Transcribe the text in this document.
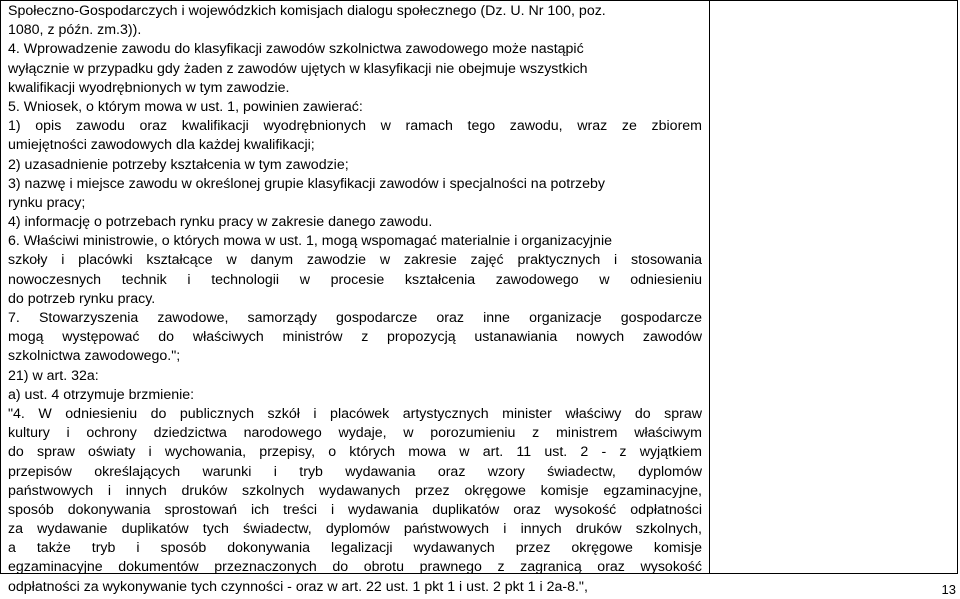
Społeczno-Gospodarczych i wojewódzkich komisjach dialogu społecznego (Dz. U. Nr 100, poz.
1080, z późn. zm.3)).
4. Wprowadzenie zawodu do klasyfikacji zawodów szkolnictwa zawodowego może nastąpić
wyłącznie w przypadku gdy żaden z zawodów ujętych w klasyfikacji nie obejmuje wszystkich
kwalifikacji wyodrębnionych w tym zawodzie.
5. Wniosek, o którym mowa w ust. 1, powinien zawierać:
1) opis zawodu oraz kwalifikacji wyodrębnionych w ramach tego zawodu, wraz ze zbiorem
umiejętności zawodowych dla każdej kwalifikacji;
2) uzasadnienie potrzeby kształcenia w tym zawodzie;
3) nazwę i miejsce zawodu w określonej grupie klasyfikacji zawodów i specjalności na potrzeby
rynku pracy;
4) informację o potrzebach rynku pracy w zakresie danego zawodu.
6. Właściwi ministrowie, o których mowa w ust. 1, mogą wspomagać materialnie i organizacyjnie
szkoły i placówki kształcące w danym zawodzie w zakresie zajęć praktycznych i stosowania
nowoczesnych technik i technologii w procesie kształcenia zawodowego w odniesieniu
do potrzeb rynku pracy.
7. Stowarzyszenia zawodowe, samorządy gospodarcze oraz inne organizacje gospodarcze
mogą występować do właściwych ministrów z propozycją ustanawiania nowych zawodów
szkolnictwa zawodowego.";
21) w art. 32a:
a) ust. 4 otrzymuje brzmienie:
"4. W odniesieniu do publicznych szkół i placówek artystycznych minister właściwy do spraw
kultury i ochrony dziedzictwa narodowego wydaje, w porozumieniu z ministrem właściwym
do spraw oświaty i wychowania, przepisy, o których mowa w art. 11 ust. 2 - z wyjątkiem
przepisów określających warunki i tryb wydawania oraz wzory świadectw, dyplomów
państwowych i innych druków szkolnych wydawanych przez okręgowe komisje egzaminacyjne,
sposób dokonywania sprostowań ich treści i wydawania duplikatów oraz wysokość odpłatności
za wydawanie duplikatów tych świadectw, dyplomów państwowych i innych druków szkolnych,
a także tryb i sposób dokonywania legalizacji wydawanych przez okręgowe komisje
egzaminacyjne dokumentów przeznaczonych do obrotu prawnego z zagranicą oraz wysokość
odpłatności za wykonywanie tych czynności - oraz w art. 22 ust. 1 pkt 1 i ust. 2 pkt 1 i 2a-8.",	13
